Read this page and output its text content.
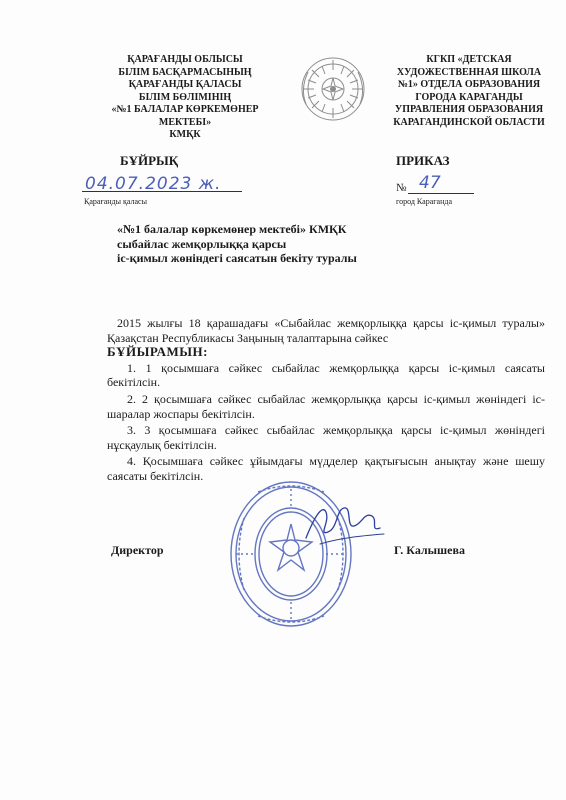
ҚАРАҒАНДЫ ОБЛЫСЫ
БІЛІМ БАСҚАРМАСЫНЫҢ
ҚАРАҒАНДЫ ҚАЛАСЫ
БІЛІМ БӨЛІМІНІҢ
«№1 БАЛАЛАР КӨРКЕМӨНЕР
МЕКТЕБІ»
КМҚК
КГКП «ДЕТСКАЯ
ХУДОЖЕСТВЕННАЯ ШКОЛА
№1» ОТДЕЛА ОБРАЗОВАНИЯ
ГОРОДА КАРАГАНДЫ
УПРАВЛЕНИЯ ОБРАЗОВАНИЯ
КАРАГАНДИНСКОЙ ОБЛАСТИ
БҰЙРЫҚ	ПРИКАЗ
04.07.2023 ж.	№ 47
Қарағанды қаласы	город Караганда
«№1 балалар көркемөнер мектебі» КМҚК
сыбайлас жемқорлыққа қарсы
іс-қимыл жөніндегі саясатын бекіту туралы

2015 жылғы 18 қарашадағы «Сыбайлас жемқорлыққа қарсы іс-қимыл туралы» Қазақстан Республикасы Заңының талаптарына сәйкес

БҰЙЫРАМЫН:

1. 1 қосымшаға сәйкес сыбайлас жемқорлыққа қарсы іс-қимыл саясаты бекітілсін.
2. 2 қосымшаға сәйкес сыбайлас жемқорлыққа қарсы іс-қимыл жөніндегі іс-шаралар жоспары бекітілсін.
3. 3 қосымшаға сәйкес сыбайлас жемқорлыққа қарсы іс-қимыл жөніндегі нұсқаулық бекітілсін.
4. Қосымшаға сәйкес ұйымдағы мүдделер қақтығысын анықтау және шешу саясаты бекітілсін.
Директор	Г. Калышева
